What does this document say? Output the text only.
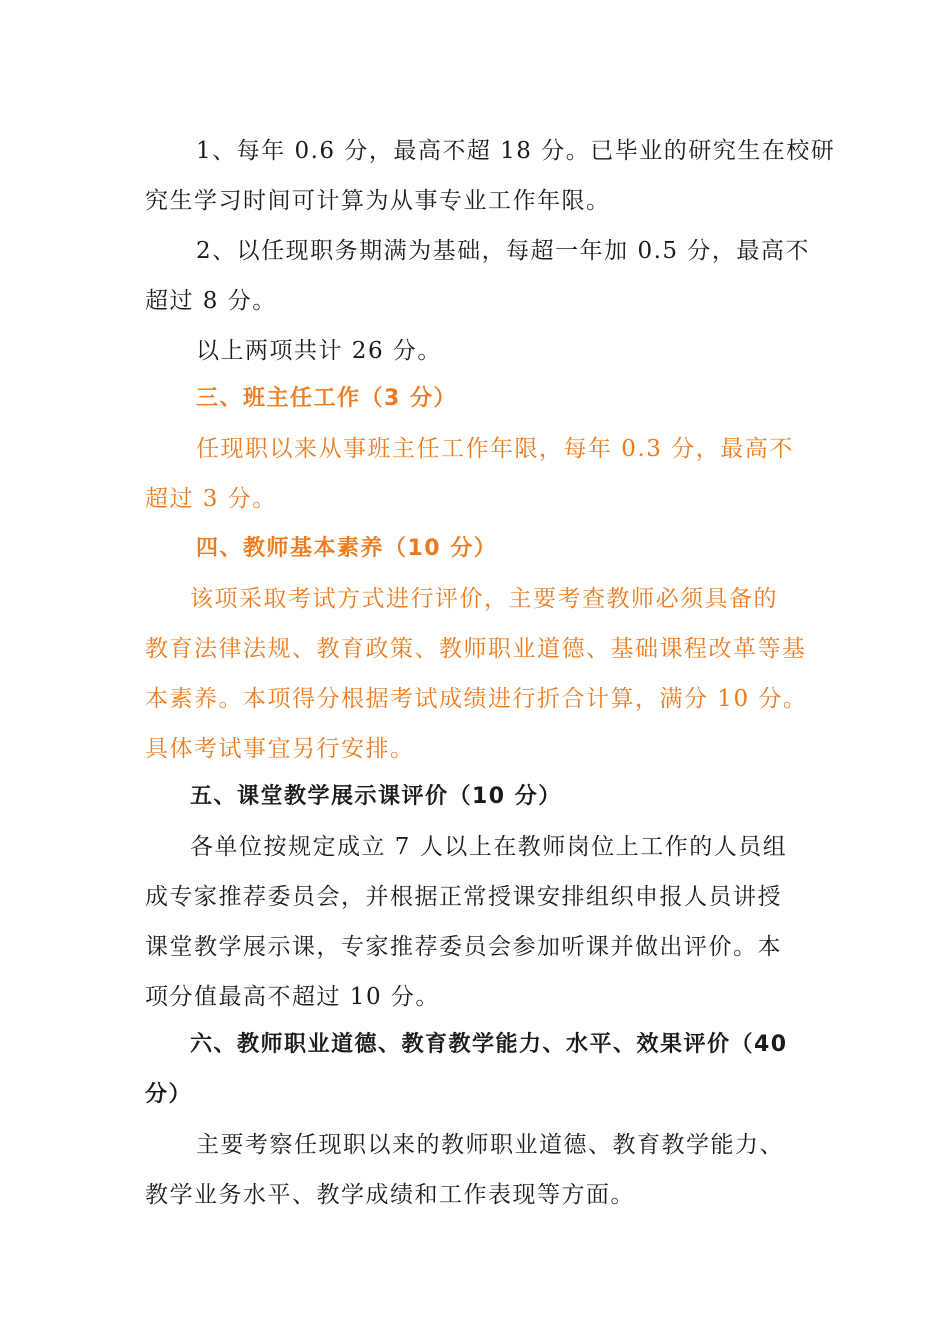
1、每年 0.6 分，最高不超 18 分。已毕业的研究生在校研
究生学习时间可计算为从事专业工作年限。
2、以任现职务期满为基础，每超一年加 0.5 分，最高不
超过 8 分。
以上两项共计 26 分。
三、班主任工作（3 分）
任现职以来从事班主任工作年限，每年 0.3 分，最高不
超过 3 分。
四、教师基本素养（10 分）
该项采取考试方式进行评价，主要考查教师必须具备的
教育法律法规、教育政策、教师职业道德、基础课程改革等基
本素养。本项得分根据考试成绩进行折合计算，满分 10 分。
具体考试事宜另行安排。
五、课堂教学展示课评价（10 分）
各单位按规定成立 7 人以上在教师岗位上工作的人员组
成专家推荐委员会，并根据正常授课安排组织申报人员讲授
课堂教学展示课，专家推荐委员会参加听课并做出评价。本
项分值最高不超过 10 分。
六、教师职业道德、教育教学能力、水平、效果评价（40
分）
主要考察任现职以来的教师职业道德、教育教学能力、
教学业务水平、教学成绩和工作表现等方面。
